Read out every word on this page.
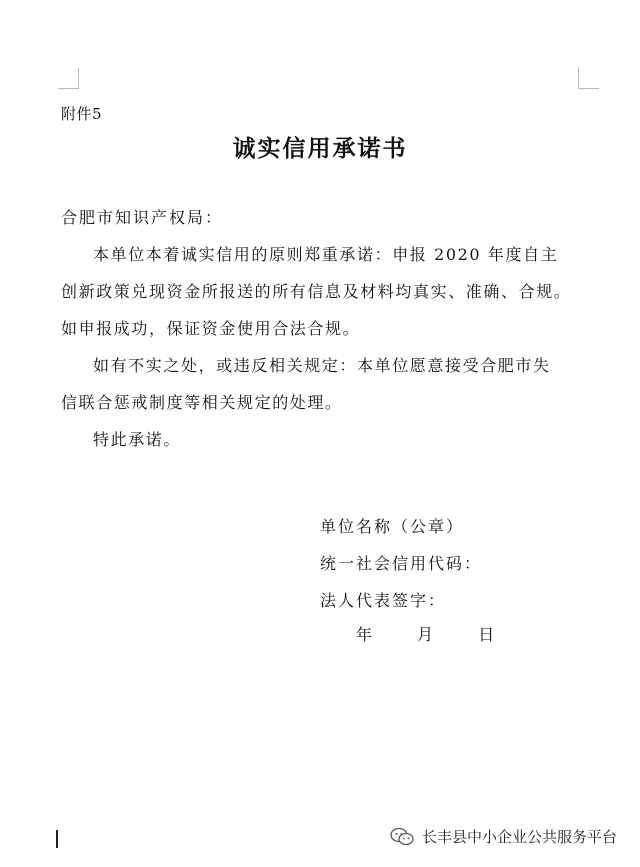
附件5
诚实信用承诺书
合肥市知识产权局：
本单位本着诚实信用的原则郑重承诺：申报 2020 年度自主
创新政策兑现资金所报送的所有信息及材料均真实、准确、合规。
如申报成功，保证资金使用合法合规。
如有不实之处，或违反相关规定：本单位愿意接受合肥市失
信联合惩戒制度等相关规定的处理。
特此承诺。
单位名称（公章）
统一社会信用代码：
法人代表签字：
年	月	日
长丰县中小企业公共服务平台
